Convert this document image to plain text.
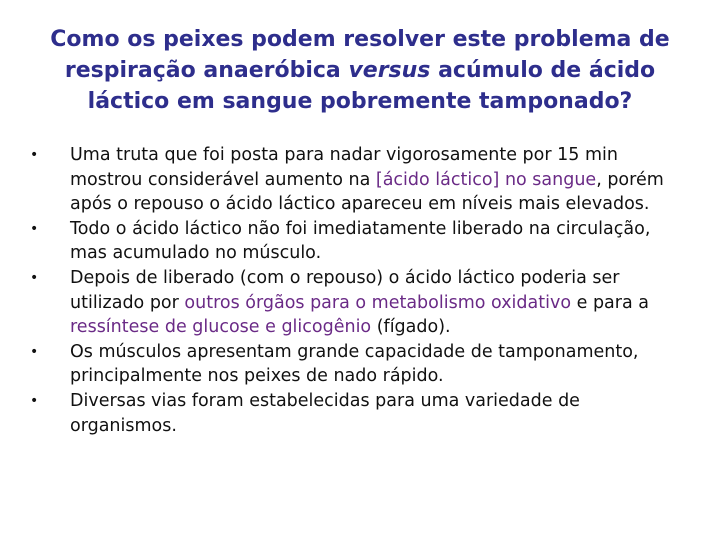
Como os peixes podem resolver este problema de
respiração anaeróbica versus acúmulo de ácido
láctico em sangue pobremente tamponado?
• Uma truta que foi posta para nadar vigorosamente por 15 min mostrou considerável aumento na [ácido láctico] no sangue, porém após o repouso o ácido láctico apareceu em níveis mais elevados.
• Todo o ácido láctico não foi imediatamente liberado na circulação, mas acumulado no músculo.
• Depois de liberado (com o repouso) o ácido láctico poderia ser utilizado por outros órgãos para o metabolismo oxidativo e para a ressíntese de glucose e glicogênio (fígado).
• Os músculos apresentam grande capacidade de tamponamento, principalmente nos peixes de nado rápido.
• Diversas vias foram estabelecidas para uma variedade de organismos.
